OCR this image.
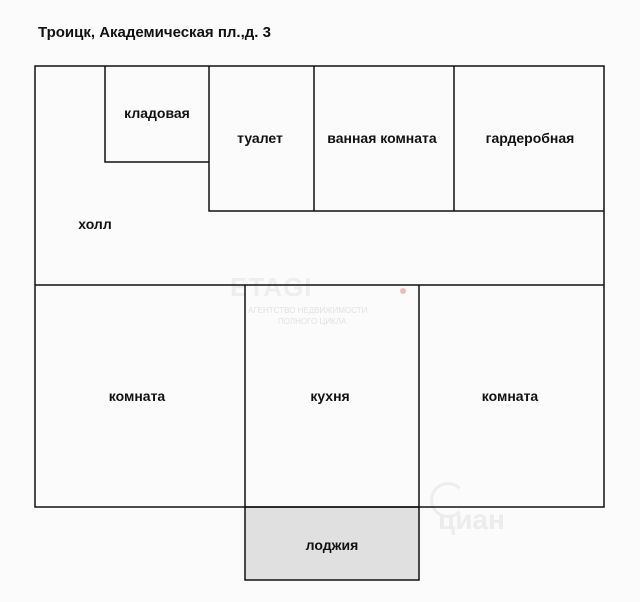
Троицк, Академическая пл.,д. 3
ETAGI
АГЕНТСТВО НЕДВИЖИМОСТИ
ПОЛНОГО ЦИКЛА
циан
кладовая
туалет	ванная комната	гардеробная
холл
комната	кухня	комната
лоджия
